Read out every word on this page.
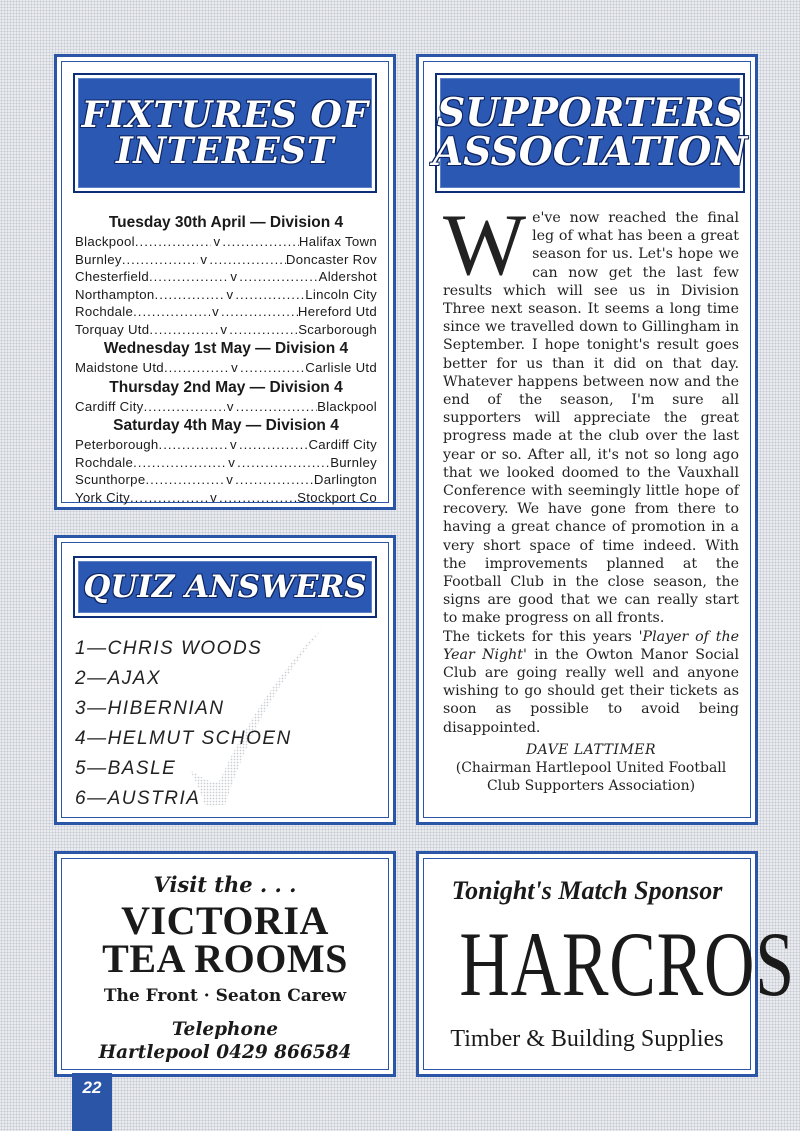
FIXTURES OF
INTEREST
Tuesday 30th April — Division 4
Blackpool .....	v .....	Halifax Town
Burnley .....	v .....	Doncaster Rov
Chesterfield .....	v .....	Aldershot
Northampton .....	v .....	Lincoln City
Rochdale .....	v .....	Hereford Utd
Torquay Utd .....	v .....	Scarborough
Wednesday 1st May — Division 4
Maidstone Utd .....	v .....	Carlisle Utd
Thursday 2nd May — Division 4
Cardiff City .....	v .....	Blackpool
Saturday 4th May — Division 4
Peterborough .....	v .....	Cardiff City
Rochdale .....	v .....	Burnley
Scunthorpe .....	v .....	Darlington
York City .....	v .....	Stockport Co
QUIZ ANSWERS
1—CHRIS WOODS
2—AJAX
3—HIBERNIAN
4—HELMUT SCHOEN
5—BASLE
6—AUSTRIA
SUPPORTERS
ASSOCIATION
W e've now reached the final leg of what has been a great season for us. Let's hope we can now get the last few results which will see us in Division Three next season. It seems a long time since we travelled down to Gillingham in September. I hope tonight's result goes better for us than it did on that day. Whatever happens between now and the end of the season, I'm sure all supporters will appreciate the great progress made at the club over the last year or so. After all, it's not so long ago that we looked doomed to the Vauxhall Conference with seemingly little hope of recovery. We have gone from there to having a great chance of promotion in a very short space of time indeed. With the improvements planned at the Football Club in the close season, the signs are good that we can really start to make progress on all fronts.

The tickets for this years 'Player of the Year Night' in the Owton Manor Social Club are going really well and anyone wishing to go should get their tickets as soon as possible to avoid being disappointed.

DAVE LATTIMER
(Chairman Hartlepool United Football Club Supporters Association)
Visit the . . .
VICTORIA
TEA ROOMS
The Front · Seaton Carew
Telephone
Hartlepool 0429 866584
Tonight's Match Sponsor
HARCROS
Timber & Building Supplies
22
